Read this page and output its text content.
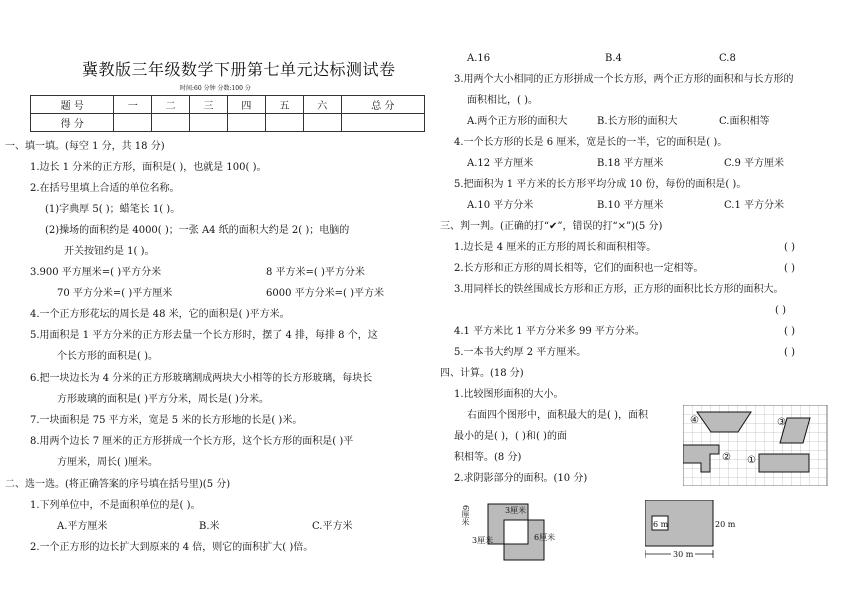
冀教版三年级数学下册第七单元达标测试卷
时间:60 分钟 分数:100 分
题 号	一	二	三	四	五	六	总 分
得 分							
一、填一填。(每空 1 分，共 18 分)
1.边长 1 分米的正方形，面积是( )，也就是 100( )。
2.在括号里填上合适的单位名称。
(1)字典厚 5( )；蜡笔长 1( )。
(2)操场的面积约是 4000( )；一张 A4 纸的面积大约是 2( )；电脑的
开关按钮约是 1( )。
3.900 平方厘米=( )平方分米	8 平方米=( )平方分米
70 平方分米=( )平方厘米	6000 平方分米=( )平方米
4.一个正方形花坛的周长是 48 米，它的面积是( )平方米。
5.用面积是 1 平方分米的正方形去量一个长方形时，摆了 4 排，每排 8 个，这
个长方形的面积是( )。
6.把一块边长为 4 分米的正方形玻璃割成两块大小相等的长方形玻璃，每块长
方形玻璃的面积是( )平方分米，周长是( )分米。
7.一块面积是 75 平方米，宽是 5 米的长方形地的长是( )米。
8.用两个边长 7 厘米的正方形拼成一个长方形，这个长方形的面积是( )平
方厘米，周长( )厘米。
二、选一选。(将正确答案的序号填在括号里)(5 分)
1.下列单位中，不是面积单位的是( )。
A.平方厘米	B.米	C.平方米
2.一个正方形的边长扩大到原来的 4 倍，则它的面积扩大( )倍。
A.16	B.4	C.8
3.用两个大小相同的正方形拼成一个长方形，两个正方形的面积和与长方形的
面积相比，( )。
A.两个正方形的面积大	B.长方形的面积大	C.面积相等
4.一个长方形的长是 6 厘米，宽是长的一半，它的面积是( )。
A.12 平方厘米	B.18 平方厘米	C.9 平方厘米
5.把面积为 1 平方米的长方形平均分成 10 份，每份的面积是( )。
A.10 平方分米	B.10 平方厘米	C.1 平方分米
三、判一判。(正确的打“✔”，错误的打“×”)(5 分)
1.边长是 4 厘米的正方形的周长和面积相等。	( )
2.长方形和正方形的周长相等，它们的面积也一定相等。	( )
3.用同样长的铁丝围成长方形和正方形，正方形的面积比长方形的面积大。
( )
4.1 平方米比 1 平方分米多 99 平方分米。	( )
5.一本书大约厚 2 平方厘米。	( )
四、计算。(18 分)
1.比较图形面积的大小。
右面四个图形中，面积最大的是( )，面积
最小的是( )，( )和( )的面
积相等。(8 分)
2.求阴影部分的面积。(10 分)
④	③
② ①
6厘米	3厘米
3厘米	6厘米
6 m	20 m
30 m
